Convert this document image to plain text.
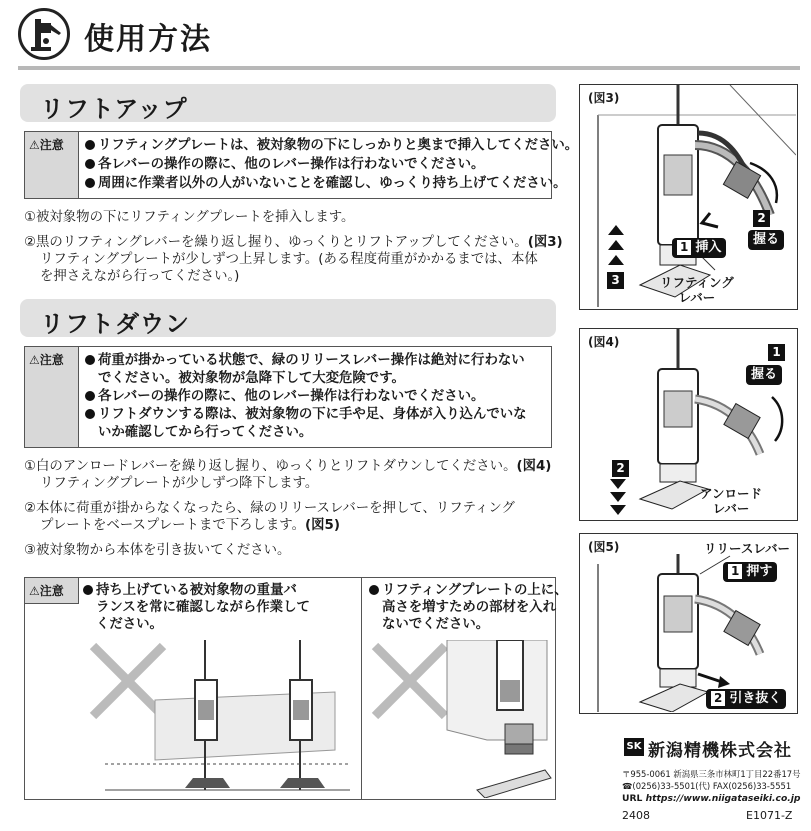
使用方法
リフトアップ
⚠注意	リフティングプレートは、被対象物の下にしっかりと奥まで挿入してください。
各レバーの操作の際に、他のレバー操作は行わないでください。
周囲に作業者以外の人がいないことを確認し、ゆっくり持ち上げてください。
①被対象物の下にリフティングプレートを挿入します。
②黒のリフティングレバーを繰り返し握り、ゆっくりとリフトアップしてください。(図3)
リフティングプレートが少しずつ上昇します。(ある程度荷重がかかるまでは、本体
を押さえながら行ってください。)
リフトダウン
⚠注意	荷重が掛かっている状態で、緑のリリースレバー操作は絶対に行わない
でください。被対象物が急降下して大変危険です。
各レバーの操作の際に、他のレバー操作は行わないでください。
リフトダウンする際は、被対象物の下に手や足、身体が入り込んでいな
いか確認してから行ってください。
①白のアンロードレバーを繰り返し握り、ゆっくりとリフトダウンしてください。(図4)
リフティングプレートが少しずつ降下します。
②本体に荷重が掛からなくなったら、緑のリリースレバーを押して、リフティング
プレートをベースプレートまで下ろします。(図5)
③被対象物から本体を引き抜いてください。
⚠注意	持ち上げている被対象物の重量バ
ランスを常に確認しながら作業して
ください。
リフティングプレートの上に、
高さを増すための部材を入れ
ないでください。
(図3)
1 挿入
2
握る
3	リフティング
レバー
(図4)
1
握る
2
アンロード
レバー
(図5)	リリースレバー
1 押す
2 引き抜く
SK 新潟精機株式会社
〒955-0061 新潟県三条市林町1丁目22番17号
☎(0256)33-5501(代) FAX(0256)33-5551
URL https://www.niigataseiki.co.jp
2408	E1071-Z
